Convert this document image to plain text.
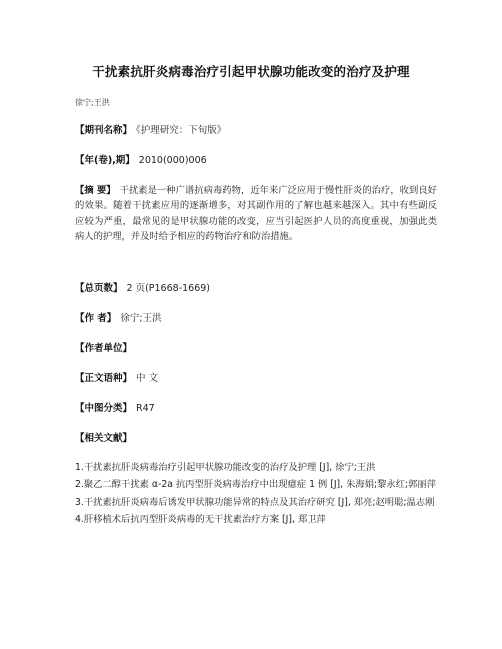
干扰素抗肝炎病毒治疗引起甲状腺功能改变的治疗及护理
徐宁;王洪
【期刊名称】 《护理研究：下旬版》
【年(卷),期】 2010(000)006
【摘 要】 干扰素是一种广谱抗病毒药物，近年来广泛应用于慢性肝炎的治疗，收到良好的效果。随着干扰素应用的逐渐增多，对其副作用的了解也越来越深入。其中有些副反应较为严重，最常见的是甲状腺功能的改变，应当引起医护人员的高度重视，加强此类病人的护理，并及时给予相应的药物治疗和防治措施。
【总页数】 2 页(P1668-1669)
【作 者】 徐宁;王洪
【作者单位】
【正文语种】 中 文
【中图分类】 R47
【相关文献】
1.干扰素抗肝炎病毒治疗引起甲状腺功能改变的治疗及护理 [J], 徐宁;王洪
2.聚乙二醇干扰素 α-2a 抗丙型肝炎病毒治疗中出现癔症 1 例 [J], 朱海娟;黎永红;郭丽萍
3.干扰素抗肝炎病毒后诱发甲状腺功能异常的特点及其治疗研究 [J], 郑亮;赵明聪;温志刚
4.肝移植术后抗丙型肝炎病毒的无干扰素治疗方案 [J], 郑卫萍
